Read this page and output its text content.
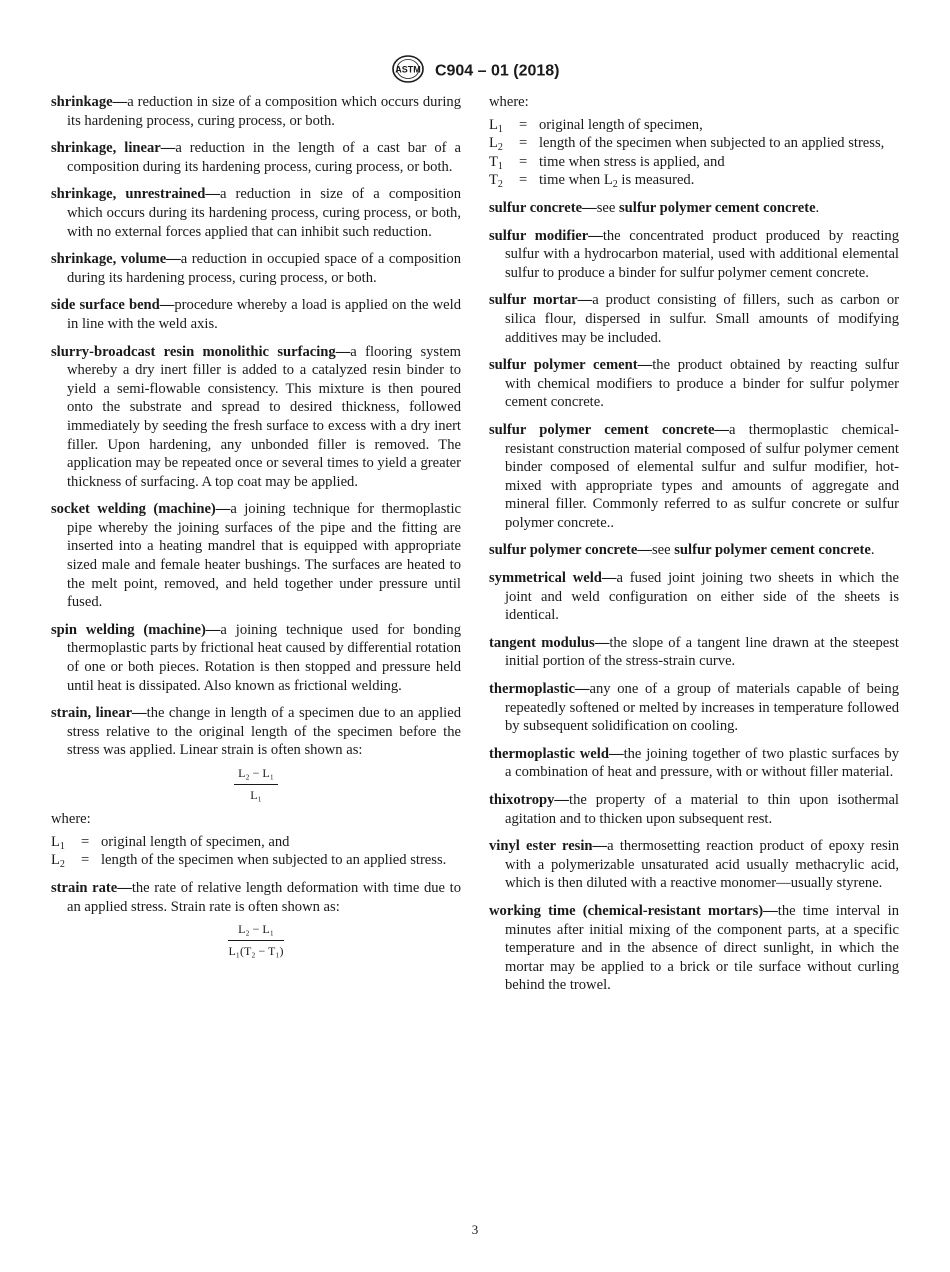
ASTM C904 – 01 (2018)

shrinkage—a reduction in size of a composition which occurs during its hardening process, curing process, or both.

shrinkage, linear—a reduction in the length of a cast bar of a composition during its hardening process, curing process, or both.

shrinkage, unrestrained—a reduction in size of a composition which occurs during its hardening process, curing process, or both, with no external forces applied that can inhibit such reduction.

shrinkage, volume—a reduction in occupied space of a composition during its hardening process, curing process, or both.

side surface bend—procedure whereby a load is applied on the weld in line with the weld axis.

slurry-broadcast resin monolithic surfacing—a flooring system whereby a dry inert filler is added to a catalyzed resin binder to yield a semi-flowable consistency. This mixture is then poured onto the substrate and spread to desired thickness, followed immediately by seeding the fresh surface to excess with a dry inert filler. Upon hardening, any unbonded filler is removed. The application may be repeated once or several times to yield a greater thickness of surfacing. A top coat may be applied.

socket welding (machine)—a joining technique for thermoplastic pipe whereby the joining surfaces of the pipe and the fitting are inserted into a heating mandrel that is equipped with appropriate sized male and female heater bushings. The surfaces are heated to the melt point, removed, and held together under pressure until fused.

spin welding (machine)—a joining technique used for bonding thermoplastic parts by frictional heat caused by differential rotation of one or both pieces. Rotation is then stopped and pressure held until heat is dissipated. Also known as frictional welding.

strain, linear—the change in length of a specimen due to an applied stress relative to the original length of the specimen before the stress was applied. Linear strain is often shown as:

$\frac{\text{L₂ − L₁}}{\text{L₁}}$
where:
$L_1$	= original length of specimen, and
$L_2$	= length of the specimen when subjected to an applied stress.

strain rate—the rate of relative length deformation with time due to an applied stress. Strain rate is often shown as:

$\frac{\text{L₂ − L₁}}{\text{L₁(T₂ − T₁)}}$
where:
$L_1$	= original length of specimen,
$L_2$	= length of the specimen when subjected to an applied stress,
$T_1$	= time when stress is applied, and
$T_2$	= time when $L_2$ is measured.

sulfur concrete—see sulfur polymer cement concrete.

sulfur modifier—the concentrated product produced by reacting sulfur with a hydrocarbon material, used with additional elemental sulfur to produce a binder for sulfur polymer cement concrete.

sulfur mortar—a product consisting of fillers, such as carbon or silica flour, dispersed in sulfur. Small amounts of modifying additives may be included.

sulfur polymer cement—the product obtained by reacting sulfur with chemical modifiers to produce a binder for sulfur polymer cement concrete.

sulfur polymer cement concrete—a thermoplastic chemical-resistant construction material composed of sulfur polymer cement binder composed of elemental sulfur and sulfur modifier, hot-mixed with appropriate types and amounts of aggregate and mineral filler. Commonly referred to as sulfur concrete or sulfur polymer concrete..

sulfur polymer concrete—see sulfur polymer cement concrete.

symmetrical weld—a fused joint joining two sheets in which the joint and weld configuration on either side of the sheets is identical.

tangent modulus—the slope of a tangent line drawn at the steepest initial portion of the stress-strain curve.

thermoplastic—any one of a group of materials capable of being repeatedly softened or melted by increases in temperature followed by subsequent solidification on cooling.

thermoplastic weld—the joining together of two plastic surfaces by a combination of heat and pressure, with or without filler material.

thixotropy—the property of a material to thin upon isothermal agitation and to thicken upon subsequent rest.

vinyl ester resin—a thermosetting reaction product of epoxy resin with a polymerizable unsaturated acid usually methacrylic acid, which is then diluted with a reactive monomer—usually styrene.

working time (chemical-resistant mortars)—the time interval in minutes after initial mixing of the component parts, at a specific temperature and in the absence of direct sunlight, in which the mortar may be applied to a brick or tile surface without curling behind the trowel.

3
